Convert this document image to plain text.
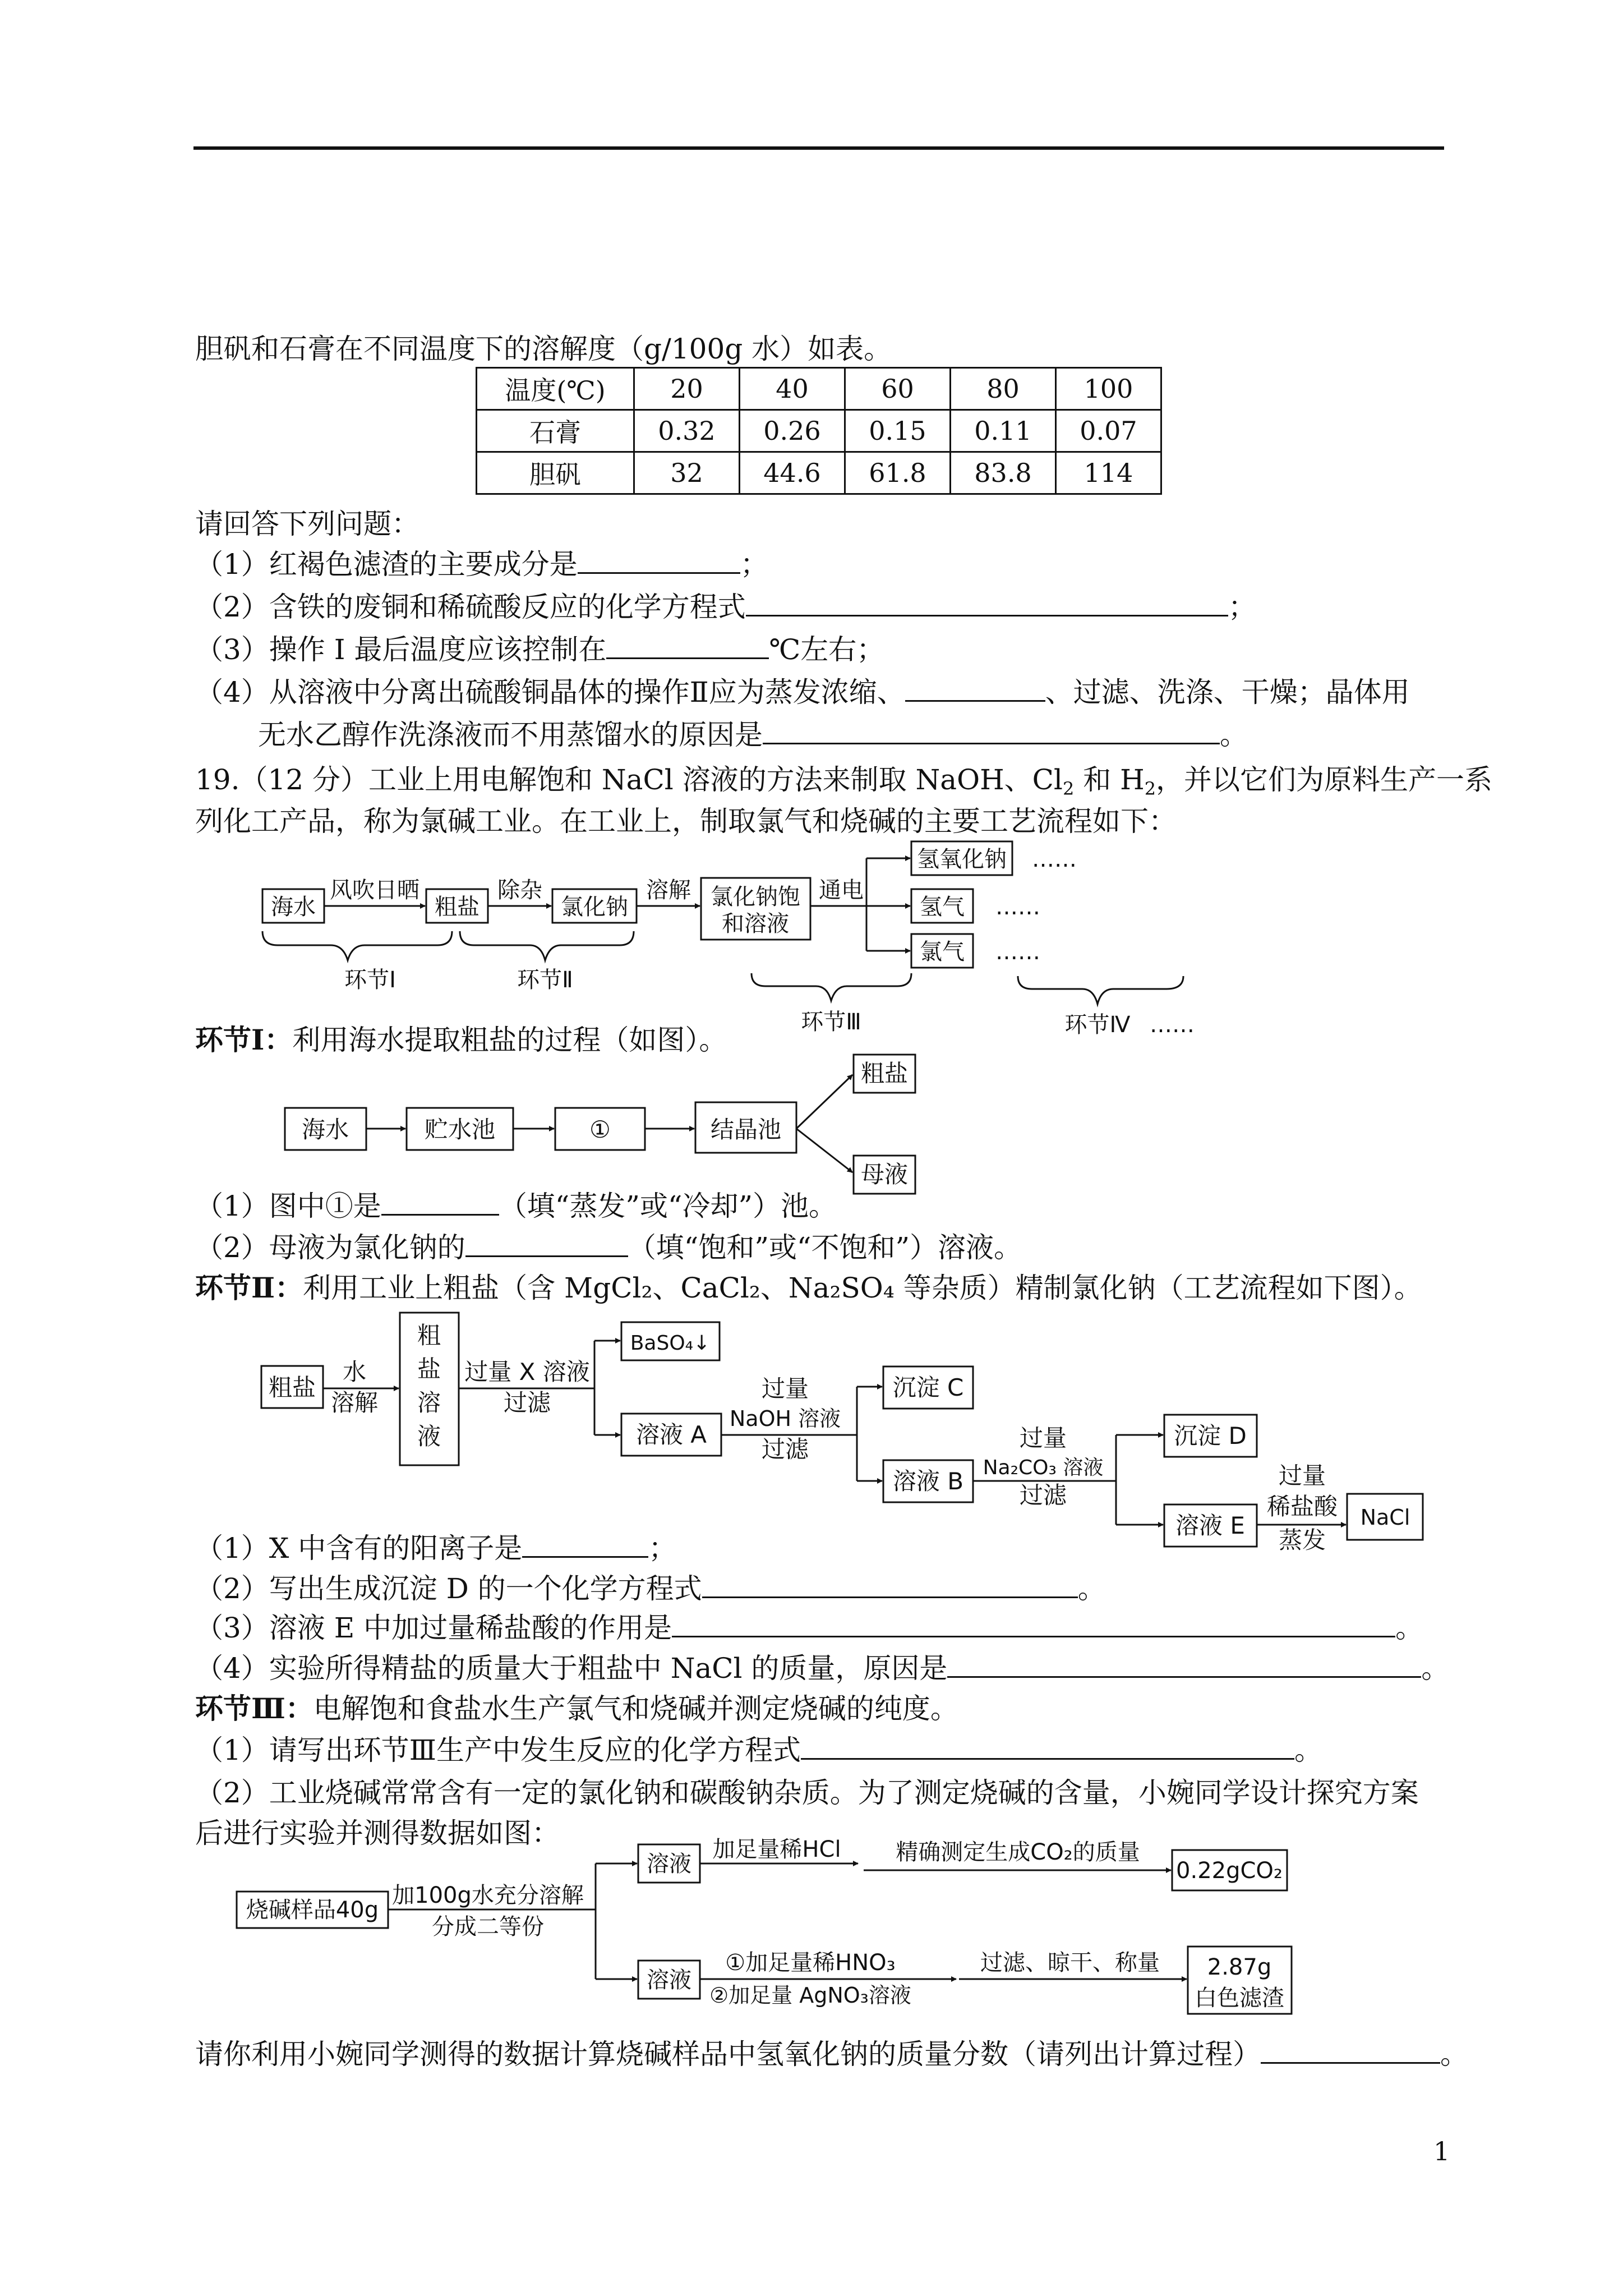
胆矾和石膏在不同温度下的溶解度（g/100g 水）如表。
温度(℃)	20	40	60	80	100
石膏	0.32	0.26	0.15	0.11	0.07
胆矾	32	44.6	61.8	83.8	114
请回答下列问题：
（1）红褐色滤渣的主要成分是	；
（2）含铁的废铜和稀硫酸反应的化学方程式	；
（3）操作 I 最后温度应该控制在	℃左右；
（4）从溶液中分离出硫酸铜晶体的操作Ⅱ应为蒸发浓缩、	、过滤、洗涤、干燥；晶体用
无水乙醇作洗涤液而不用蒸馏水的原因是	。
19.（12 分）工业上用电解饱和 NaCl 溶液的方法来制取 NaOH、$Cl_2$ 和 $H_2$，并以它们为原料生产一系
列化工产品，称为氯碱工业。在工业上，制取氯气和烧碱的主要工艺流程如下：
海水	粗盐	氯化钠	氯化钠饱
和溶液
氢氧化钠
氢气
氯气
风吹日晒	除杂	溶解	通电
……
……
……
环节Ⅰ	环节Ⅱ
环节Ⅲ	环节Ⅳ ……
海水	贮水池	①	结晶池
粗盐
母液
粗盐
粗
盐
溶
液
BaSO₄↓
溶液 A
沉淀 C
溶液 B
沉淀 D
溶液 E	NaCl
水
溶解
过量 X 溶液
过滤
过量
NaOH 溶液
过滤	过量
Na₂CO₃ 溶液
过滤
过量
稀盐酸
蒸发
烧碱样品40g
溶液	0.22gCO₂
溶液	2.87g
白色滤渣
加100g水充分溶解
分成二等份
加足量稀HCl 精确测定生成CO₂的质量
①加足量稀HNO₃
②加足量 AgNO₃溶液
过滤、晾干、称量
环节Ⅰ：利用海水提取粗盐的过程（如图）。
（1）图中①是	（填“蒸发”或“冷却”）池。
（2）母液为氯化钠的	（填“饱和”或“不饱和”）溶液。
环节Ⅱ：利用工业上粗盐（含 MgCl₂、CaCl₂、Na₂SO₄ 等杂质）精制氯化钠（工艺流程如下图）。
（1）X 中含有的阳离子是	；
（2）写出生成沉淀 D 的一个化学方程式	。
（3）溶液 E 中加过量稀盐酸的作用是	。
（4）实验所得精盐的质量大于粗盐中 NaCl 的质量，原因是	。
环节Ⅲ：电解饱和食盐水生产氯气和烧碱并测定烧碱的纯度。
（1）请写出环节Ⅲ生产中发生反应的化学方程式	。
（2）工业烧碱常常含有一定的氯化钠和碳酸钠杂质。为了测定烧碱的含量，小婉同学设计探究方案
后进行实验并测得数据如图：
请你利用小婉同学测得的数据计算烧碱样品中氢氧化钠的质量分数（请列出计算过程）	。
1
